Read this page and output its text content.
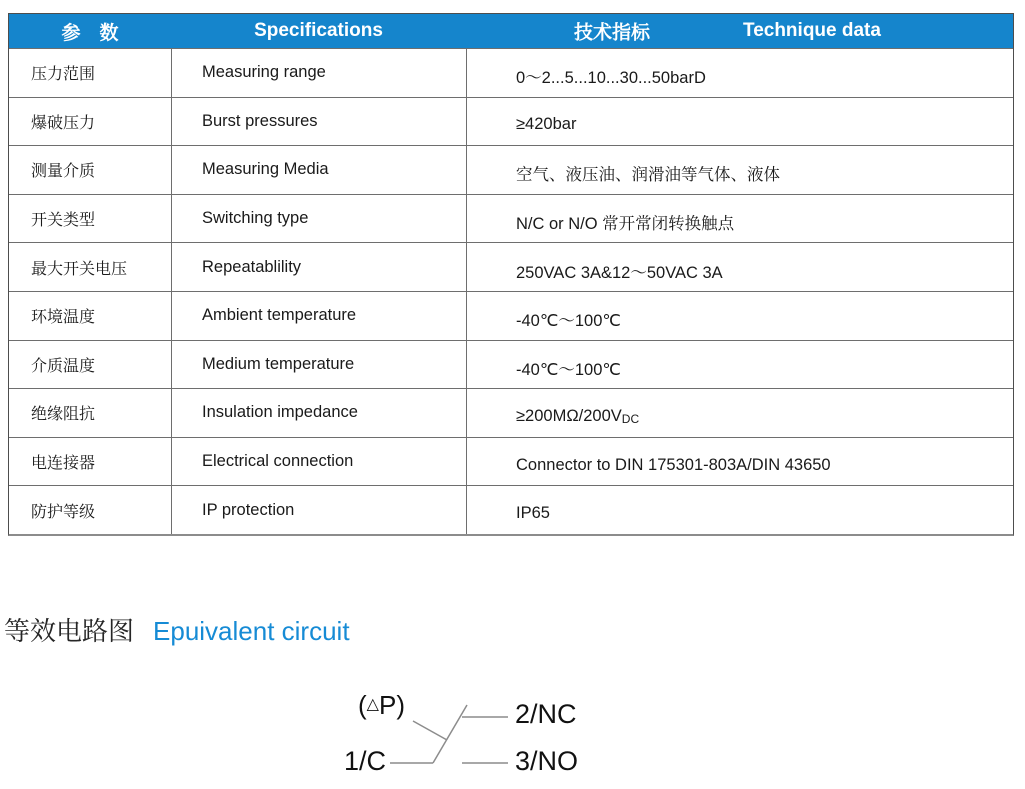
参　数	Specifications	技术指标	Technique data
压力范围	Measuring range	0～2...5...10...30...50barD
爆破压力	Burst pressures	≥420bar
测量介质	Measuring Media	空气、液压油、润滑油等气体、液体
开关类型	Switching type	N/C or N/O 常开常闭转换触点
最大开关电压	Repeatablility	250VAC 3A&12～50VAC 3A
环境温度	Ambient temperature	-40℃～100℃
介质温度	Medium temperature	-40℃～100℃
绝缘阻抗	Insulation impedance	≥200MΩ/200V DC
电连接器	Electrical connection	Connector to DIN 175301-803A/DIN 43650
防护等级	IP protection	IP65
等效电路图 Epuivalent circuit
(△P)
1/C
2/NC
3/NO
